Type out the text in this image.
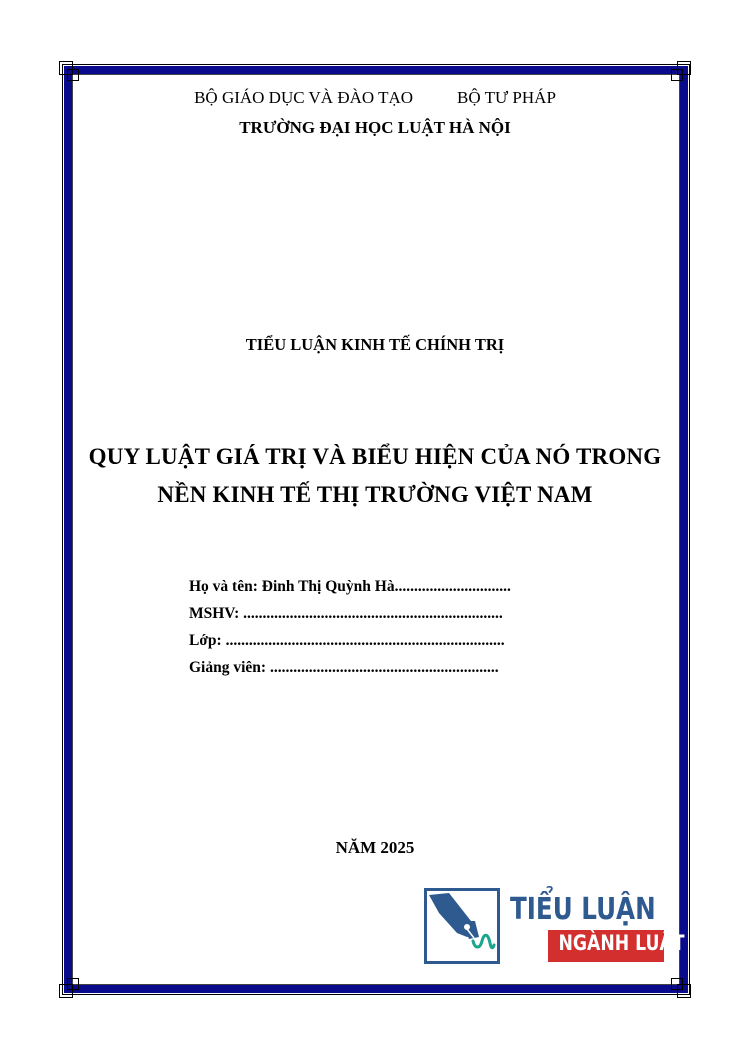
BỘ GIÁO DỤC VÀ ĐÀO TẠO	BỘ TƯ PHÁP
TRƯỜNG ĐẠI HỌC LUẬT HÀ NỘI
TIỂU LUẬN KINH TẾ CHÍNH TRỊ
QUY LUẬT GIÁ TRỊ VÀ BIỂU HIỆN CỦA NÓ TRONG
NỀN KINH TẾ THỊ TRƯỜNG VIỆT NAM
Họ và tên: Đinh Thị Quỳnh Hà..............................
MSHV: ...................................................................
Lớp: ........................................................................
Giảng viên: ...........................................................
NĂM 2025
TIỂU LUẬN
NGÀNH LUẬT
